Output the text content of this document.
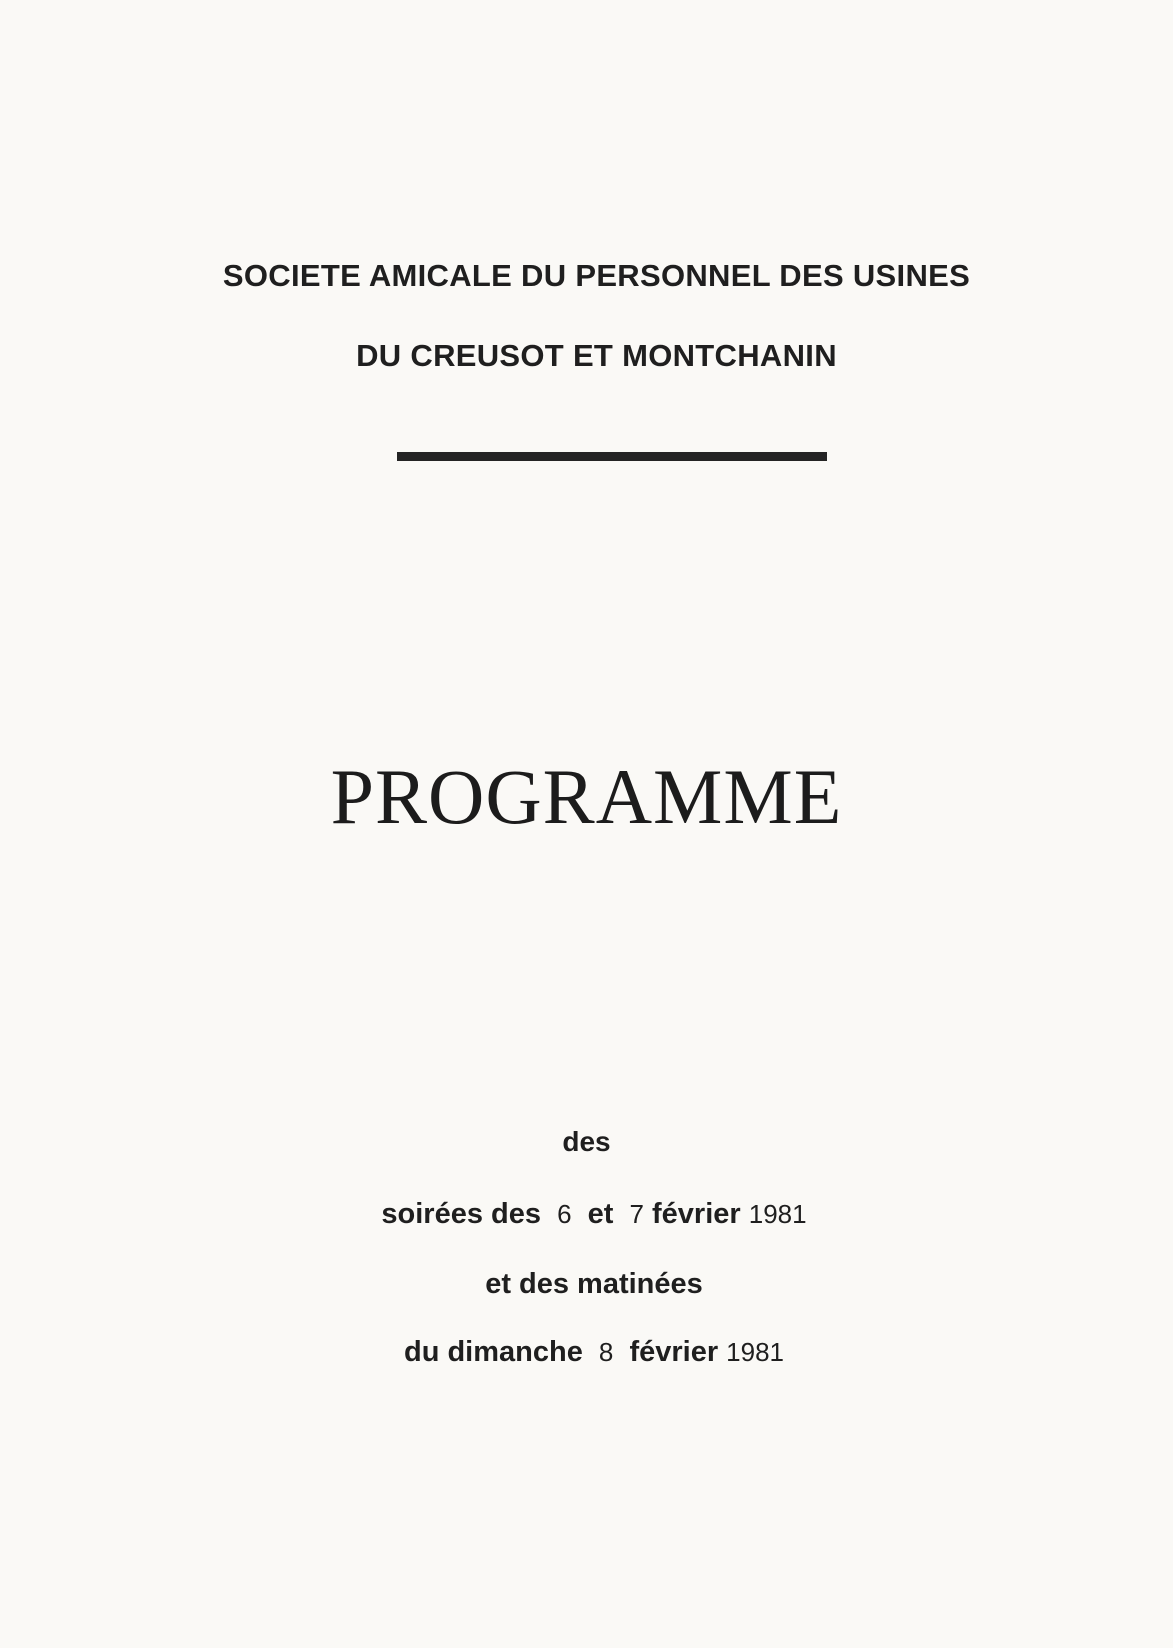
SOCIETE AMICALE DU PERSONNEL DES USINES
DU CREUSOT ET MONTCHANIN
PROGRAMME
des
soirées des 6 et 7 février 1981
et des matinées
du dimanche 8 février 1981
